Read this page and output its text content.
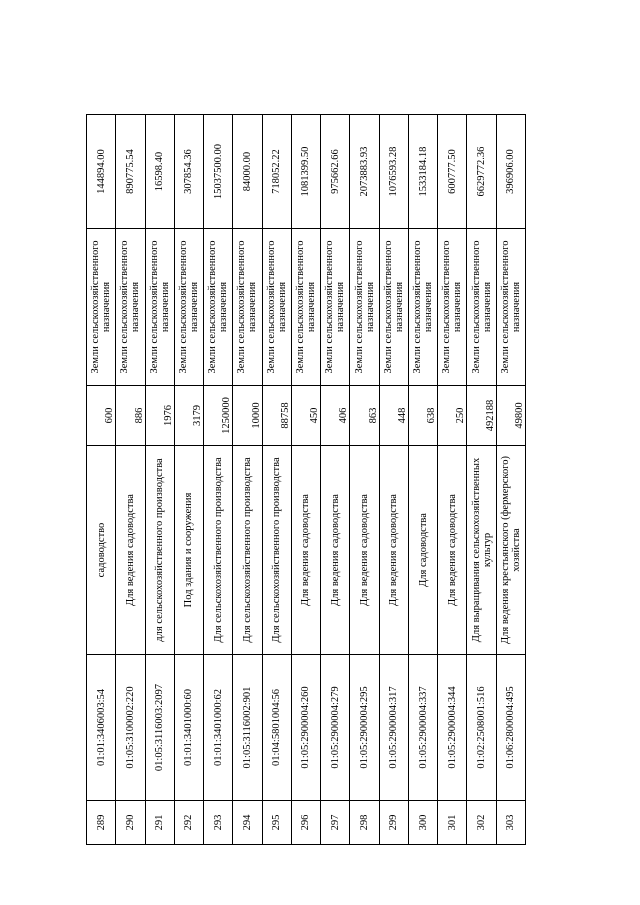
289	01:01:3406003:54	садоводство	600	Земли сельскохозяйственного назначения	144894.00
290	01:05:3100002:220	Для ведения садоводства	886	Земли сельскохозяйственного назначения	890775.54
291	01:05:3116003:2097	для сельскохозяйственного производства	1976	Земли сельскохозяйственного назначения	16598.40
292	01:01:3401000:60	Под здания и сооружения	3179	Земли сельскохозяйственного назначения	307854.36
293	01:01:3401000:62	Для сельскохозяйственного производства	1250000	Земли сельскохозяйственного назначения	15037500.00
294	01:05:3116002:901	Для сельскохозяйственного производства	10000	Земли сельскохозяйственного назначения	84000.00
295	01:04:5801004:56	Для сельскохозяйственного производства	88758	Земли сельскохозяйственного назначения	718052.22
296	01:05:2900004:260	Для ведения садоводства	450	Земли сельскохозяйственного назначения	1081399.50
297	01:05:2900004:279	Для ведения садоводства	406	Земли сельскохозяйственного назначения	975662.66
298	01:05:2900004:295	Для ведения садоводства	863	Земли сельскохозяйственного назначения	2073883.93
299	01:05:2900004:317	Для ведения садоводства	448	Земли сельскохозяйственного назначения	1076593.28
300	01:05:2900004:337	Для садоводства	638	Земли сельскохозяйственного назначения	1533184.18
301	01:05:2900004:344	Для ведения садоводства	250	Земли сельскохозяйственного назначения	600777.50
302	01:02:2508001:516	Для выращивания сельскохозяйственных культур	492188	Земли сельскохозяйственного назначения	6629772.36
303	01:06:2800004:495	Для ведения крестьянского (фермерского) хозяйства	49800	Земли сельскохозяйственного назначения	396906.00
